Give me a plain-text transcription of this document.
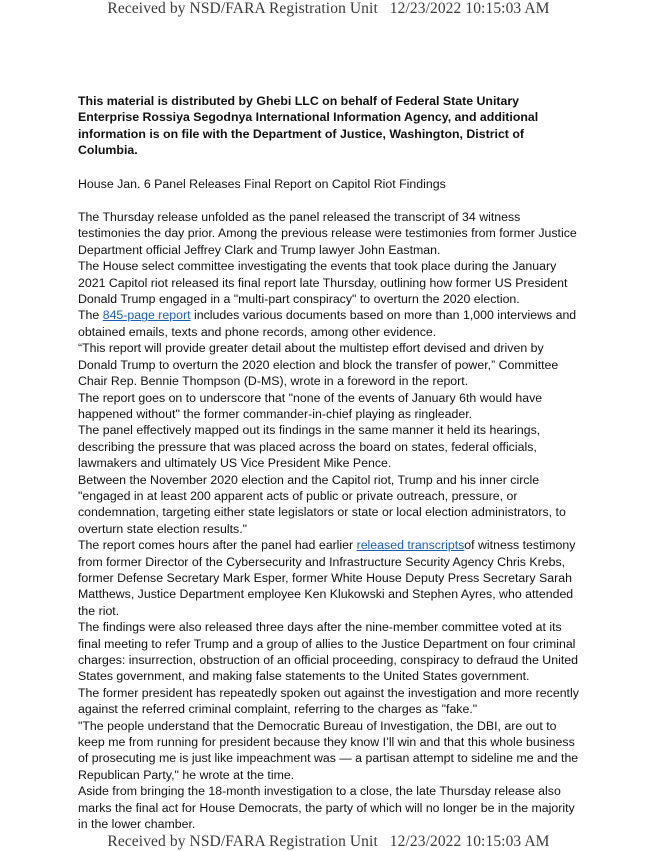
Received by NSD/FARA Registration Unit   12/23/2022 10:15:03 AM

This material is distributed by Ghebi LLC on behalf of Federal State Unitary Enterprise Rossiya Segodnya International Information Agency, and additional information is on file with the Department of Justice, Washington, District of Columbia.

House Jan. 6 Panel Releases Final Report on Capitol Riot Findings

The Thursday release unfolded as the panel released the transcript of 34 witness testimonies the day prior. Among the previous release were testimonies from former Justice Department official Jeffrey Clark and Trump lawyer John Eastman.

The House select committee investigating the events that took place during the January 2021 Capitol riot released its final report late Thursday, outlining how former US President Donald Trump engaged in a "multi-part conspiracy" to overturn the 2020 election.

The 845-page report includes various documents based on more than 1,000 interviews and obtained emails, texts and phone records, among other evidence.

“This report will provide greater detail about the multistep effort devised and driven by Donald Trump to overturn the 2020 election and block the transfer of power,” Committee Chair Rep. Bennie Thompson (D-MS), wrote in a foreword in the report.

The report goes on to underscore that "none of the events of January 6th would have happened without" the former commander-in-chief playing as ringleader.

The panel effectively mapped out its findings in the same manner it held its hearings, describing the pressure that was placed across the board on states, federal officials, lawmakers and ultimately US Vice President Mike Pence.

Between the November 2020 election and the Capitol riot, Trump and his inner circle "engaged in at least 200 apparent acts of public or private outreach, pressure, or condemnation, targeting either state legislators or state or local election administrators, to overturn state election results."

The report comes hours after the panel had earlier released transcriptsof witness testimony from former Director of the Cybersecurity and Infrastructure Security Agency Chris Krebs, former Defense Secretary Mark Esper, former White House Deputy Press Secretary Sarah Matthews, Justice Department employee Ken Klukowski and Stephen Ayres, who attended the riot.

The findings were also released three days after the nine-member committee voted at its final meeting to refer Trump and a group of allies to the Justice Department on four criminal charges: insurrection, obstruction of an official proceeding, conspiracy to defraud the United States government, and making false statements to the United States government.

The former president has repeatedly spoken out against the investigation and more recently against the referred criminal complaint, referring to the charges as "fake."

"The people understand that the Democratic Bureau of Investigation, the DBI, are out to keep me from running for president because they know I’ll win and that this whole business of prosecuting me is just like impeachment was — a partisan attempt to sideline me and the Republican Party," he wrote at the time.

Aside from bringing the 18-month investigation to a close, the late Thursday release also marks the final act for House Democrats, the party of which will no longer be in the majority in the lower chamber.

Received by NSD/FARA Registration Unit   12/23/2022 10:15:03 AM
